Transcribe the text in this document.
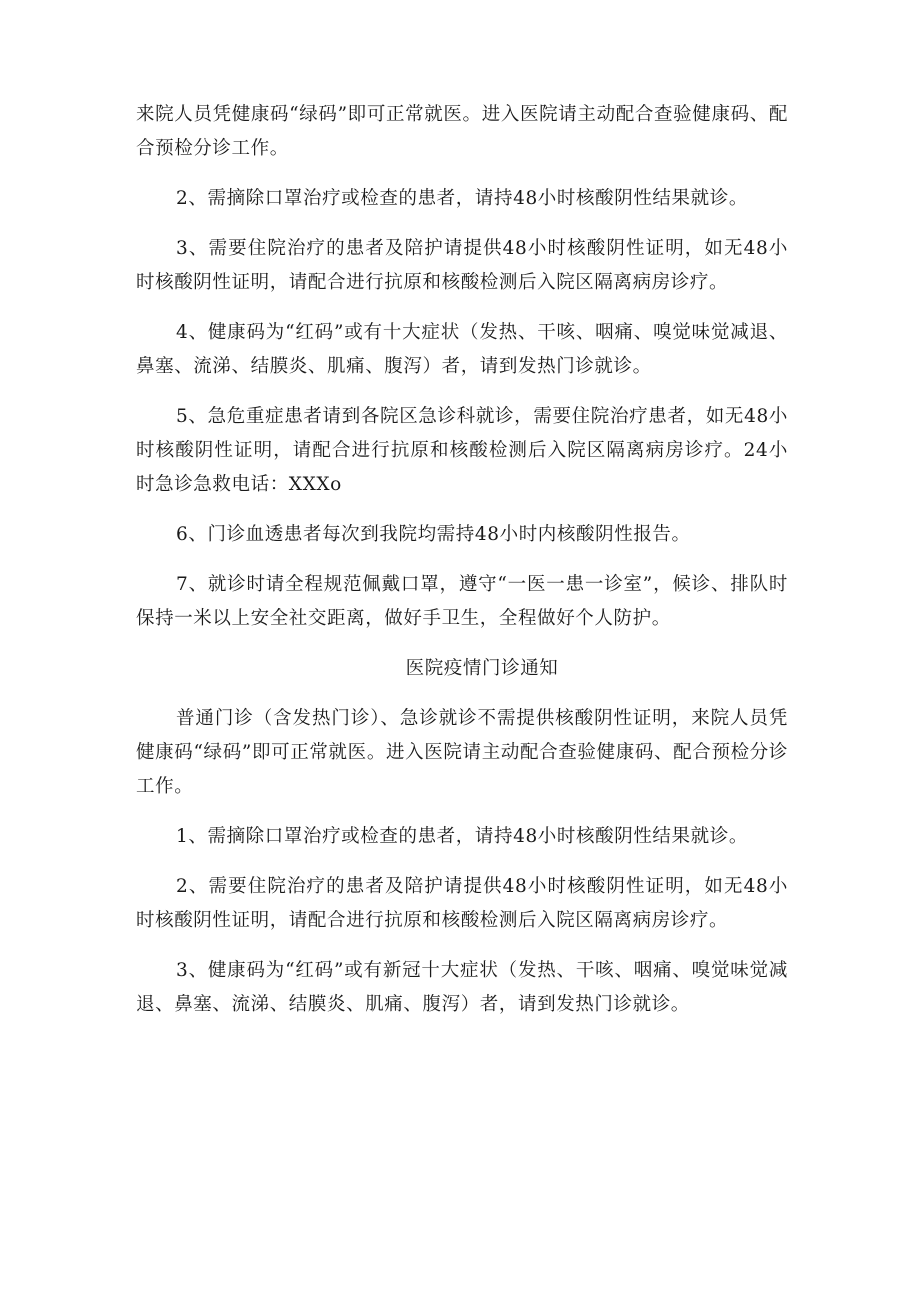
来院人员凭健康码“绿码”即可正常就医。进入医院请主动配合查验健康码、配合预检分诊工作。

2、需摘除口罩治疗或检查的患者，请持48小时核酸阴性结果就诊。

3、需要住院治疗的患者及陪护请提供48小时核酸阴性证明，如无48小时核酸阴性证明，请配合进行抗原和核酸检测后入院区隔离病房诊疗。

4、健康码为“红码”或有十大症状（发热、干咳、咽痛、嗅觉味觉减退、鼻塞、流涕、结膜炎、肌痛、腹泻）者，请到发热门诊就诊。

5、急危重症患者请到各院区急诊科就诊，需要住院治疗患者，如无48小时核酸阴性证明，请配合进行抗原和核酸检测后入院区隔离病房诊疗。24小时急诊急救电话：XXXo

6、门诊血透患者每次到我院均需持48小时内核酸阴性报告。

7、就诊时请全程规范佩戴口罩，遵守“一医一患一诊室”，候诊、排队时保持一米以上安全社交距离，做好手卫生，全程做好个人防护。

医院疫情门诊通知

普通门诊（含发热门诊）、急诊就诊不需提供核酸阴性证明，来院人员凭健康码“绿码”即可正常就医。进入医院请主动配合查验健康码、配合预检分诊工作。

1、需摘除口罩治疗或检查的患者，请持48小时核酸阴性结果就诊。

2、需要住院治疗的患者及陪护请提供48小时核酸阴性证明，如无48小时核酸阴性证明，请配合进行抗原和核酸检测后入院区隔离病房诊疗。

3、健康码为“红码”或有新冠十大症状（发热、干咳、咽痛、嗅觉味觉减退、鼻塞、流涕、结膜炎、肌痛、腹泻）者，请到发热门诊就诊。
